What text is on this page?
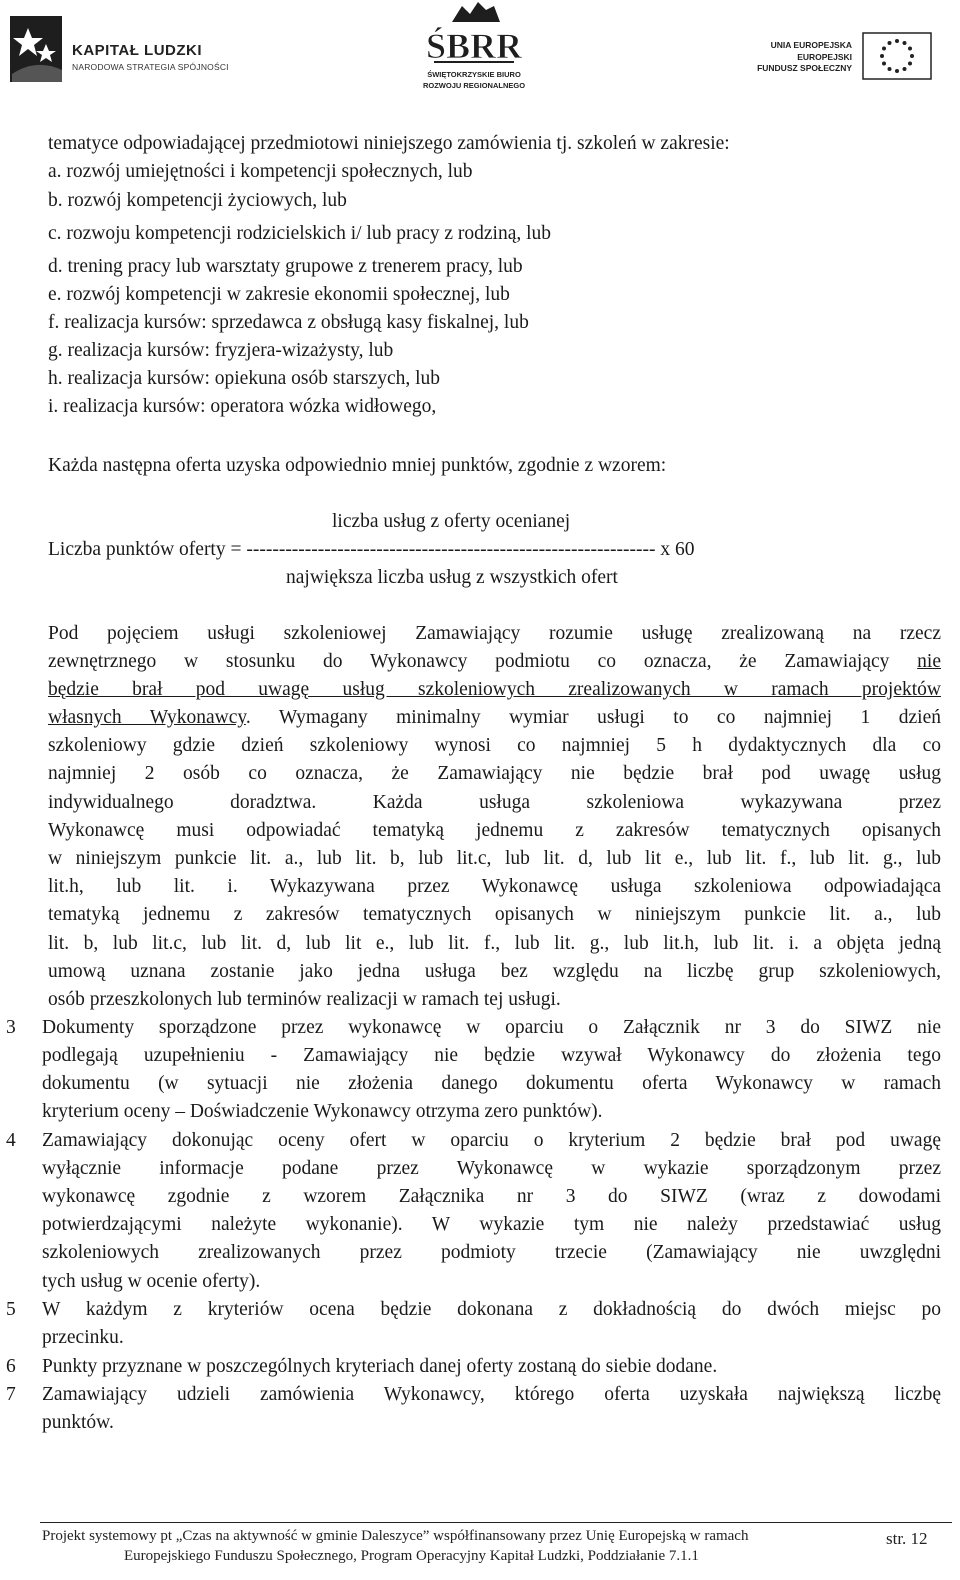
KAPITAŁ LUDZKI
NARODOWA STRATEGIA SPÓJNOŚCI
ŚBRR
ŚWIĘTOKRZYSKIE BIURO
ROZWOJU REGIONALNEGO
UNIA EUROPEJSKA
EUROPEJSKI
FUNDUSZ SPOŁECZNY
tematyce odpowiadającej przedmiotowi niniejszego zamówienia tj. szkoleń w zakresie:
a. rozwój umiejętności i kompetencji społecznych, lub
b. rozwój kompetencji życiowych, lub
c. rozwoju kompetencji rodzicielskich i/ lub pracy z rodziną, lub
d. trening pracy lub warsztaty grupowe z trenerem pracy, lub
e. rozwój kompetencji w zakresie ekonomii społecznej, lub
f. realizacja kursów: sprzedawca z obsługą kasy fiskalnej, lub
g. realizacja kursów: fryzjera-wizażysty, lub
h. realizacja kursów: opiekuna osób starszych, lub
i. realizacja kursów: operatora wózka widłowego,
Każda następna oferta uzyska odpowiednio mniej punktów, zgodnie z wzorem:
liczba usług z oferty ocenianej
Liczba punktów oferty = --------------------------------------------------------------- x 60
największa liczba usług z wszystkich ofert
Pod pojęciem usługi szkoleniowej Zamawiający rozumie usługę zrealizowaną na rzecz
zewnętrznego w stosunku do Wykonawcy podmiotu co oznacza, że Zamawiający nie
będzie brał pod uwagę usług szkoleniowych zrealizowanych w ramach projektów
własnych Wykonawcy. Wymagany minimalny wymiar usługi to co najmniej 1 dzień
szkoleniowy gdzie dzień szkoleniowy wynosi co najmniej 5 h dydaktycznych dla co
najmniej 2 osób co oznacza, że Zamawiający nie będzie brał pod uwagę usług
indywidualnego doradztwa. Każda usługa szkoleniowa wykazywana przez
Wykonawcę musi odpowiadać tematyką jednemu z zakresów tematycznych opisanych
w niniejszym punkcie lit. a., lub lit. b, lub lit.c, lub lit. d, lub lit e., lub lit. f., lub lit. g., lub
lit.h, lub lit. i. Wykazywana przez Wykonawcę usługa szkoleniowa odpowiadająca
tematyką jednemu z zakresów tematycznych opisanych w niniejszym punkcie lit. a., lub
lit. b, lub lit.c, lub lit. d, lub lit e., lub lit. f., lub lit. g., lub lit.h, lub lit. i. a objęta jedną
umową uznana zostanie jako jedna usługa bez względu na liczbę grup szkoleniowych,
osób przeszkolonych lub terminów realizacji w ramach tej usługi.
3 Dokumenty sporządzone przez wykonawcę w oparciu o Załącznik nr 3 do SIWZ nie
podlegają uzupełnieniu - Zamawiający nie będzie wzywał Wykonawcy do złożenia tego
dokumentu (w sytuacji nie złożenia danego dokumentu oferta Wykonawcy w ramach
kryterium oceny – Doświadczenie Wykonawcy otrzyma zero punktów).
4 Zamawiający dokonując oceny ofert w oparciu o kryterium 2 będzie brał pod uwagę
wyłącznie informacje podane przez Wykonawcę w wykazie sporządzonym przez
wykonawcę zgodnie z wzorem Załącznika nr 3 do SIWZ (wraz z dowodami
potwierdzającymi należyte wykonanie). W wykazie tym nie należy przedstawiać usług
szkoleniowych zrealizowanych przez podmioty trzecie (Zamawiający nie uwzględni
tych usług w ocenie oferty).
5 W każdym z kryteriów ocena będzie dokonana z dokładnością do dwóch miejsc po
przecinku.
6 Punkty przyznane w poszczególnych kryteriach danej oferty zostaną do siebie dodane.
7 Zamawiający udzieli zamówienia Wykonawcy, którego oferta uzyskała największą liczbę
punktów.
Projekt systemowy pt „Czas na aktywność w gminie Daleszyce” współfinansowany przez Unię Europejską w ramach
Europejskiego Funduszu Społecznego, Program Operacyjny Kapitał Ludzki, Poddziałanie 7.1.1
str. 12
